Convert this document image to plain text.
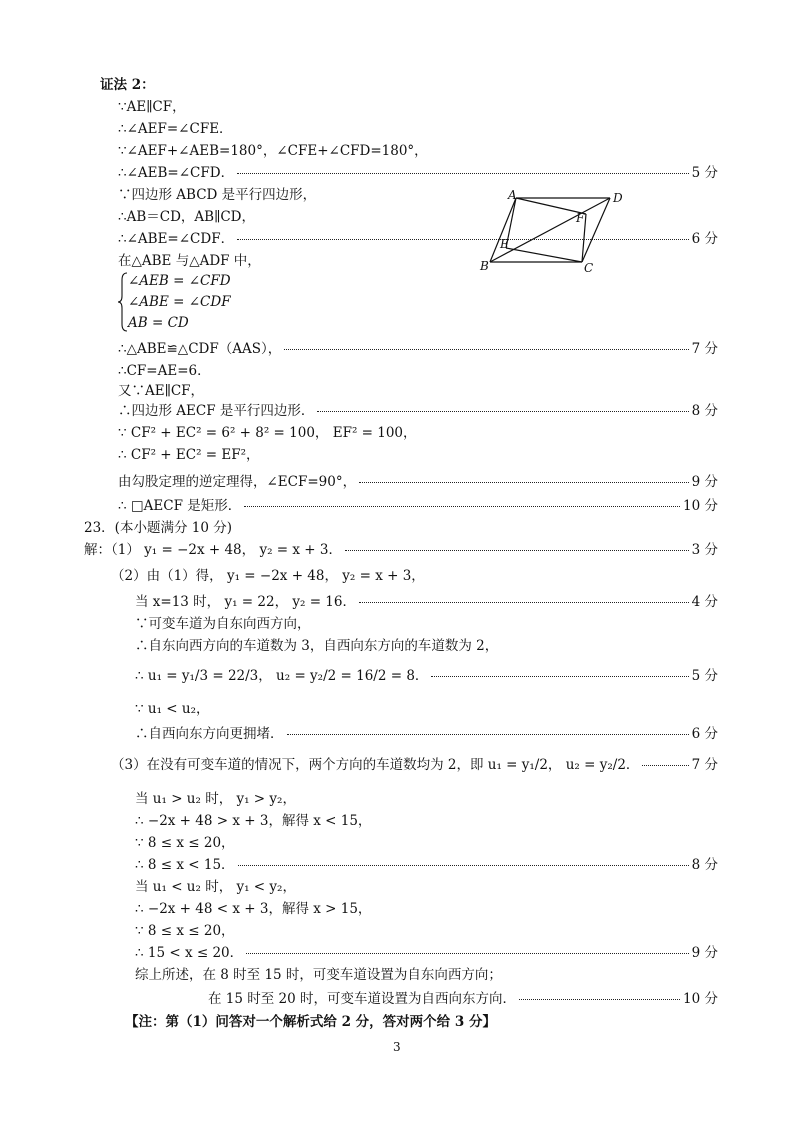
证法 2：
∵AE∥CF，
∴∠AEF=∠CFE．
∵∠AEF+∠AEB=180°，∠CFE+∠CFD=180°，
∴∠AEB=∠CFD．	5 分
∵四边形 ABCD 是平行四边形，
∴AB＝CD，AB∥CD，
∴∠ABE=∠CDF．	6 分
在△ABE 与△ADF 中，
∠AEB = ∠CFD
∠ABE = ∠CDF
AB = CD
∴△ABE≌△CDF（AAS），	7 分
∴CF=AE=6．
又∵AE∥CF，
∴四边形 AECF 是平行四边形．	8 分
∵ CF² + EC² = 6² + 8² = 100， EF² = 100，
∴ CF² + EC² = EF²，
由勾股定理的逆定理得，∠ECF=90°，	9 分
∴ □AECF 是矩形．	10 分
A	D
B	C
E
F
23．(本小题满分 10 分)
解：（1） y₁ = −2x + 48， y₂ = x + 3．	3 分
（2）由（1）得， y₁ = −2x + 48， y₂ = x + 3，
当 x=13 时， y₁ = 22， y₂ = 16．	4 分
∵可变车道为自东向西方向，
∴自东向西方向的车道数为 3，自西向东方向的车道数为 2，
∴ u₁ = y₁/3 = 22/3， u₂ = y₂/2 = 16/2 = 8．	5 分
∵ u₁ < u₂，
∴自西向东方向更拥堵．	6 分
（3）在没有可变车道的情况下，两个方向的车道数均为 2，即 u₁ = y₁/2， u₂ = y₂/2．	7 分
当 u₁ > u₂ 时， y₁ > y₂，
∴ −2x + 48 > x + 3，解得 x < 15，
∵ 8 ≤ x ≤ 20，
∴ 8 ≤ x < 15．	8 分
当 u₁ < u₂ 时， y₁ < y₂，
∴ −2x + 48 < x + 3，解得 x > 15，
∵ 8 ≤ x ≤ 20，
∴ 15 < x ≤ 20．	9 分
综上所述，在 8 时至 15 时，可变车道设置为自东向西方向；
在 15 时至 20 时，可变车道设置为自西向东方向．	10 分
【注：第（1）问答对一个解析式给 2 分，答对两个给 3 分】
3
